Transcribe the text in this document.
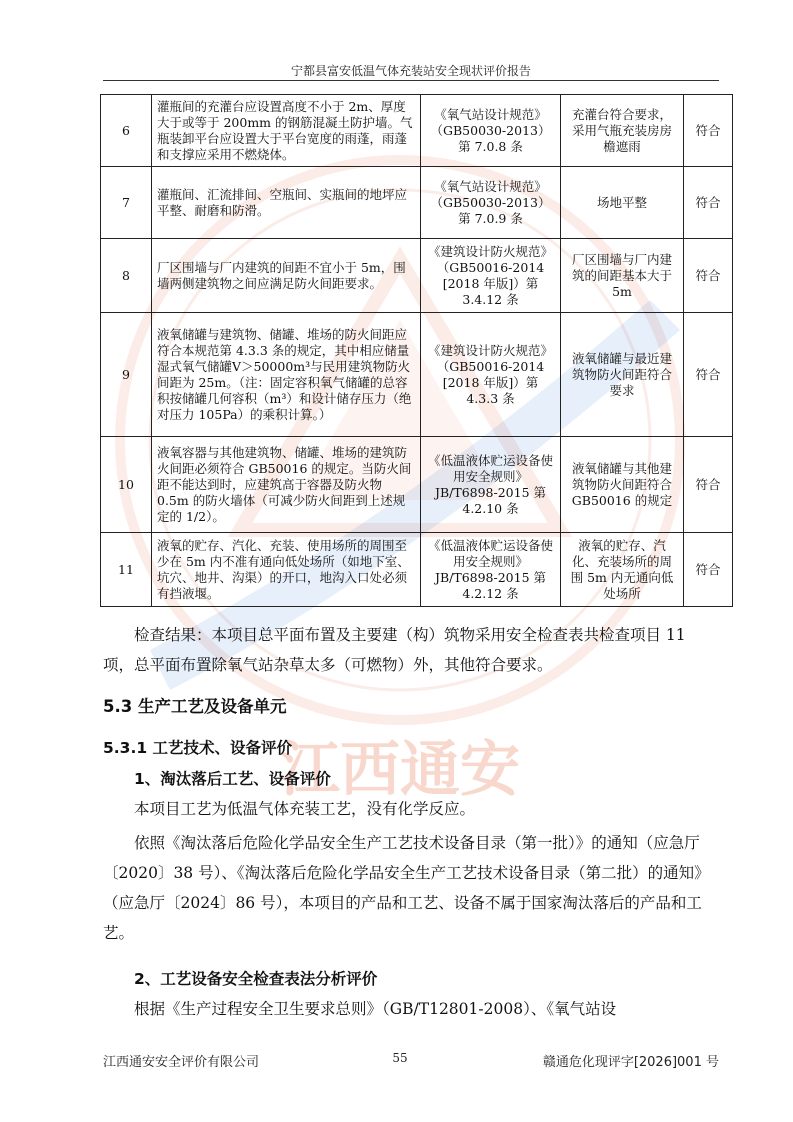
宁都县富安低温气体充装站安全现状评价报告
江西通安
6	灌瓶间的充灌台应设置高度不小于 2m、厚度大于或等于 200mm 的钢筋混凝土防护墙。气瓶装卸平台应设置大于平台宽度的雨蓬，雨蓬和支撑应采用不燃烧体。	《氧气站设计规范》（GB50030-2013）第 7.0.8 条	充灌台符合要求，采用气瓶充装房房檐遮雨	符合
7	灌瓶间、汇流排间、空瓶间、实瓶间的地坪应平整、耐磨和防滑。	《氧气站设计规范》（GB50030-2013）第 7.0.9 条	场地平整	符合
8	厂区围墙与厂内建筑的间距不宜小于 5m，围墙两侧建筑物之间应满足防火间距要求。	《建筑设计防火规范》（GB50016-2014 [2018 年版]）第 3.4.12 条	厂区围墙与厂内建筑的间距基本大于 5m	符合
9	液氧储罐与建筑物、储罐、堆场的防火间距应符合本规范第 4.3.3 条的规定，其中相应储量湿式氧气储罐V＞50000m³与民用建筑物防火间距为 25m。（注：固定容积氧气储罐的总容积按储罐几何容积（m³）和设计储存压力（绝对压力 105Pa）的乘积计算。）	《建筑设计防火规范》（GB50016-2014 [2018 年版]）第 4.3.3 条	液氧储罐与最近建筑物防火间距符合要求	符合
10	液氧容器与其他建筑物、储罐、堆场的建筑防火间距必须符合 GB50016 的规定。当防火间距不能达到时，应建筑高于容器及防火物 0.5m 的防火墙体（可减少防火间距到上述规定的 1/2）。	《低温液体贮运设备使用安全规则》JB/T6898-2015 第 4.2.10 条	液氧储罐与其他建筑物防火间距符合 GB50016 的规定	符合
11	液氧的贮存、汽化、充装、使用场所的周围至少在 5m 内不准有通向低处场所（如地下室、坑穴、地井、沟渠）的开口，地沟入口处必须有挡液堰。	《低温液体贮运设备使用安全规则》JB/T6898-2015 第 4.2.12 条	液氧的贮存、汽化、充装场所的周围 5m 内无通向低处场所	符合

检查结果：本项目总平面布置及主要建（构）筑物采用安全检查表共检查项目 11 项，总平面布置除氧气站杂草太多（可燃物）外，其他符合要求。

5.3 生产工艺及设备单元
5.3.1 工艺技术、设备评价
1、淘汰落后工艺、设备评价

本项目工艺为低温气体充装工艺，没有化学反应。

依照《淘汰落后危险化学品安全生产工艺技术设备目录（第一批）》的通知（应急厅〔2020〕38 号）、《淘汰落后危险化学品安全生产工艺技术设备目录（第二批）的通知》（应急厅〔2024〕86 号），本项目的产品和工艺、设备不属于国家淘汰落后的产品和工艺。

2、工艺设备安全检查表法分析评价

根据《生产过程安全卫生要求总则》（GB/T12801-2008）、《氧气站设

江西通安安全评价有限公司	55	赣通危化现评字[2026]001 号
